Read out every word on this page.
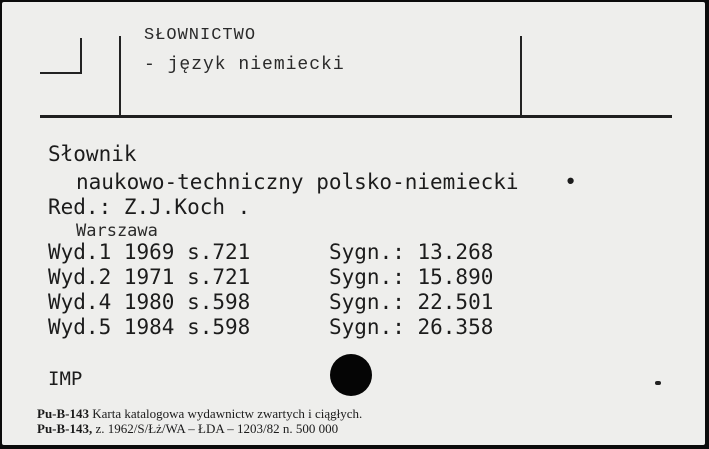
SŁOWNICTWO
- język niemiecki
Słownik
naukowo-techniczny polsko-niemiecki •
Red.: Z.J.Koch .
Warszawa
Wyd.1 1969 s.721
Wyd.2 1971 s.721
Wyd.4 1980 s.598
Wyd.5 1984 s.598
Sygn.: 13.268
Sygn.: 15.890
Sygn.: 22.501
Sygn.: 26.358
IMP
Pu-B-143 Karta katalogowa wydawnictw zwartych i ciągłych.
Pu-B-143, z. 1962/S/Łż/WA – ŁDA – 1203/82 n. 500 000
